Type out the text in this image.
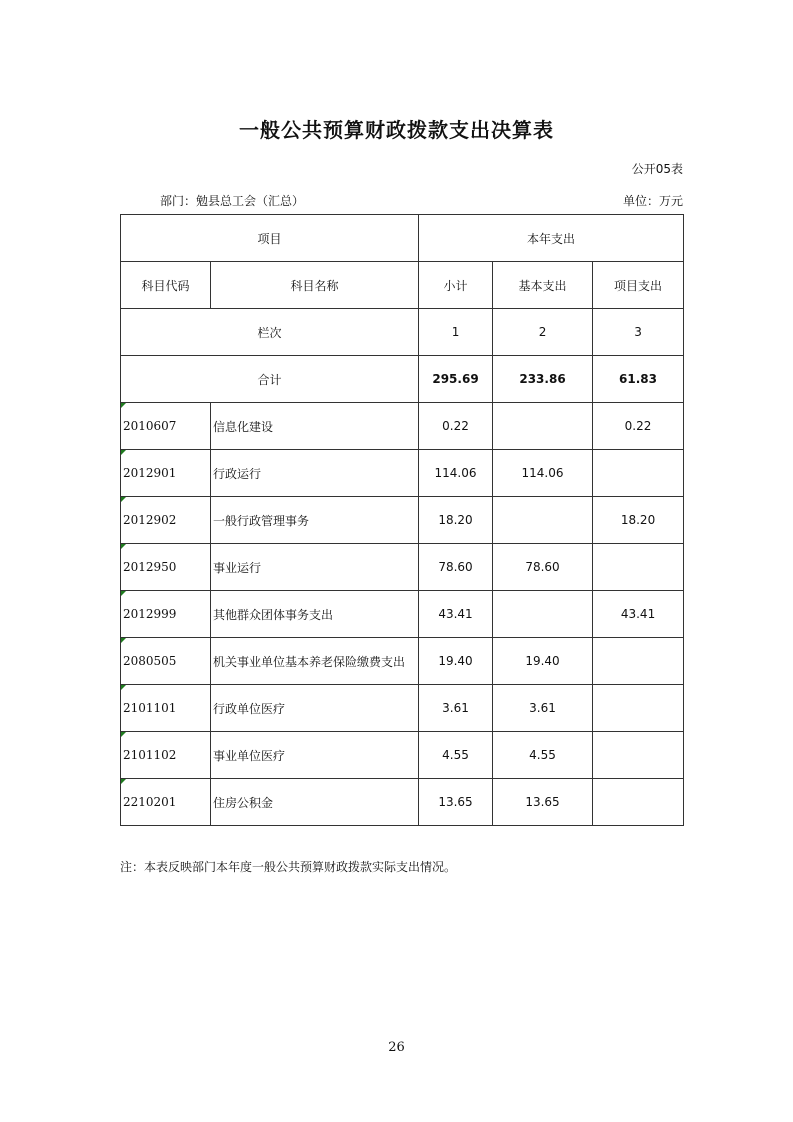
一般公共预算财政拨款支出决算表
公开05表
部门：勉县总工会（汇总）	单位：万元
项目		本年支出		
科目代码	科目名称	小计	基本支出	项目支出
栏次		1	2	3
合计		295.69	233.86	61.83
2010607	信息化建设	0.22		0.22
2012901	行政运行	114.06	114.06	
2012902	一般行政管理事务	18.20		18.20
2012950	事业运行	78.60	78.60	
2012999	其他群众团体事务支出	43.41		43.41
2080505	机关事业单位基本养老保险缴费支出	19.40	19.40	
2101101	行政单位医疗	3.61	3.61	
2101102	事业单位医疗	4.55	4.55	
2210201	住房公积金	13.65	13.65	
注：本表反映部门本年度一般公共预算财政拨款实际支出情况。
26
